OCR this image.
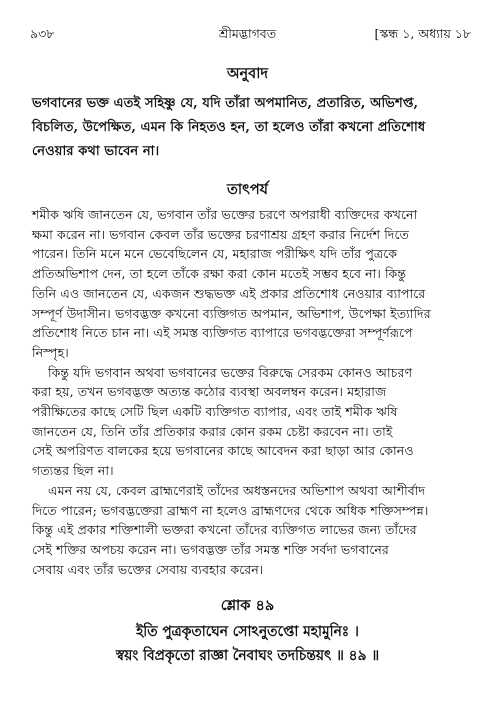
৯৩৮	শ্রীমদ্ভাগবত	[স্কন্ধ ১, অধ্যায় ১৮
অনুবাদ
ভগবানের ভক্ত এতই সহিষ্ণু যে, যদি তাঁরা অপমানিত, প্রতারিত, অভিশপ্ত,
বিচলিত, উপেক্ষিত, এমন কি নিহতও হন, তা হলেও তাঁরা কখনো প্রতিশোধ
নেওয়ার কথা ভাবেন না।
তাৎপর্য
শমীক ঋষি জানতেন যে, ভগবান তাঁর ভক্তের চরণে অপরাধী ব্যক্তিদের কখনো
ক্ষমা করেন না। ভগবান কেবল তাঁর ভক্তের চরণাশ্রয় গ্রহণ করার নির্দেশ দিতে
পারেন। তিনি মনে মনে ভেবেছিলেন যে, মহারাজ পরীক্ষিৎ যদি তাঁর পুত্রকে
প্রতিঅভিশাপ দেন, তা হলে তাঁকে রক্ষা করা কোন মতেই সম্ভব হবে না। কিন্তু
তিনি এও জানতেন যে, একজন শুদ্ধভক্ত এই প্রকার প্রতিশোধ নেওয়ার ব্যাপারে
সম্পূর্ণ উদাসীন। ভগবদ্ভক্ত কখনো ব্যক্তিগত অপমান, অভিশাপ, উপেক্ষা ইত্যাদির
প্রতিশোধ নিতে চান না। এই সমস্ত ব্যক্তিগত ব্যাপারে ভগবদ্ভক্তেরা সম্পূর্ণরূপে
নিস্পৃহ।
কিন্তু যদি ভগবান অথবা ভগবানের ভক্তের বিরুদ্ধে সেরকম কোনও আচরণ
করা হয়, তখন ভগবদ্ভক্ত অত্যন্ত কঠোর ব্যবস্থা অবলম্বন করেন। মহারাজ
পরীক্ষিতের কাছে সেটি ছিল একটি ব্যক্তিগত ব্যাপার, এবং তাই শমীক ঋষি
জানতেন যে, তিনি তাঁর প্রতিকার করার কোন রকম চেষ্টা করবেন না। তাই
সেই অপরিণত বালকের হয়ে ভগবানের কাছে আবেদন করা ছাড়া আর কোনও
গত্যন্তর ছিল না।
এমন নয় যে, কেবল ব্রাহ্মণেরাই তাঁদের অধস্তনদের অভিশাপ অথবা আশীর্বাদ
দিতে পারেন; ভগবদ্ভক্তেরা ব্রাহ্মণ না হলেও ব্রাহ্মণদের থেকে অধিক শক্তিসম্পন্ন।
কিন্তু এই প্রকার শক্তিশালী ভক্তরা কখনো তাঁদের ব্যক্তিগত লাভের জন্য তাঁদের
সেই শক্তির অপচয় করেন না। ভগবদ্ভক্ত তাঁর সমস্ত শক্তি সর্বদা ভগবানের
সেবায় এবং তাঁর ভক্তের সেবায় ব্যবহার করেন।
শ্লোক ৪৯
ইতি পুত্রকৃতাঘেন সোঽনুতপ্তো মহামুনিঃ ।
স্বয়ং বিপ্রকৃতো রাজ্ঞা নৈবাঘং তদচিন্তয়ৎ ॥ ৪৯ ॥
